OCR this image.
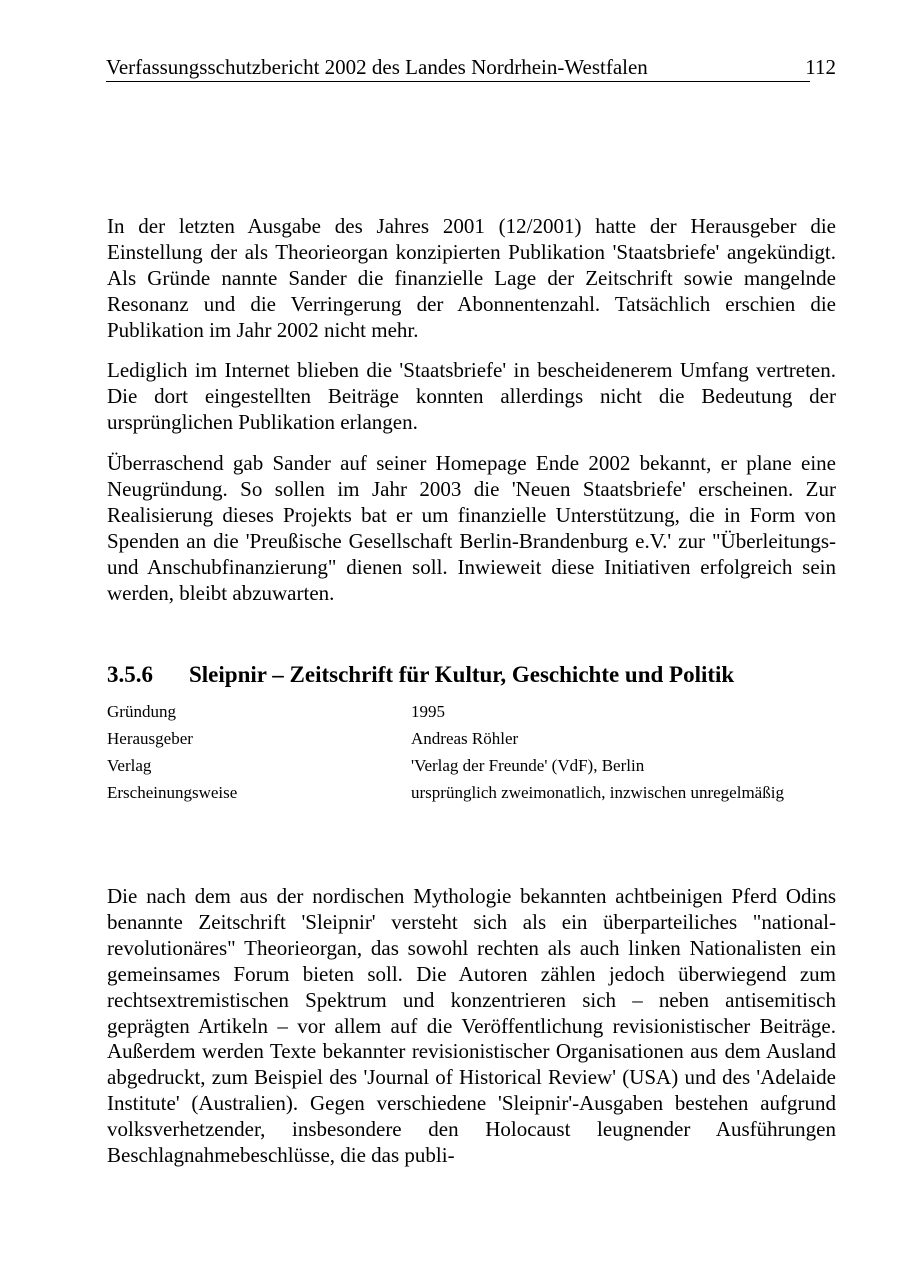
Verfassungsschutzbericht 2002 des Landes Nordrhein-Westfalen	112

In der letzten Ausgabe des Jahres 2001 (12/2001) hatte der Herausgeber die Einstellung der als Theorieorgan konzipierten Publikation 'Staatsbriefe' angekündigt. Als Gründe nannte Sander die finanzielle Lage der Zeitschrift sowie mangelnde Resonanz und die Verringerung der Abonnentenzahl. Tatsächlich erschien die Publikation im Jahr 2002 nicht mehr.

Lediglich im Internet blieben die 'Staatsbriefe' in bescheidenerem Umfang vertreten. Die dort eingestellten Beiträge konnten allerdings nicht die Bedeutung der ursprünglichen Publikation erlangen.

Überraschend gab Sander auf seiner Homepage Ende 2002 bekannt, er plane eine Neugründung. So sollen im Jahr 2003 die 'Neuen Staatsbriefe' erscheinen. Zur Realisierung dieses Projekts bat er um finanzielle Unterstützung, die in Form von Spenden an die 'Preußische Gesellschaft Berlin-Brandenburg e.V.' zur "Überleitungs- und Anschubfinanzierung" dienen soll. Inwieweit diese Initiativen erfolgreich sein werden, bleibt abzuwarten.

3.5.6 Sleipnir – Zeitschrift für Kultur, Geschichte und Politik
Gründung	1995
Herausgeber	Andreas Röhler
Verlag	'Verlag der Freunde' (VdF), Berlin
Erscheinungsweise	ursprünglich zweimonatlich, inzwischen unregelmäßig

Die nach dem aus der nordischen Mythologie bekannten achtbeinigen Pferd Odins benannte Zeitschrift 'Sleipnir' versteht sich als ein überparteiliches "national-revolutionäres" Theorieorgan, das sowohl rechten als auch linken Nationalisten ein gemeinsames Forum bieten soll. Die Autoren zählen jedoch überwiegend zum rechtsextremistischen Spektrum und konzentrieren sich – neben antisemitisch geprägten Artikeln – vor allem auf die Veröffentlichung revisionistischer Beiträge. Außerdem werden Texte bekannter revisionistischer Organisationen aus dem Ausland abgedruckt, zum Beispiel des 'Journal of Historical Review' (USA) und des 'Adelaide Institute' (Australien). Gegen verschiedene 'Sleipnir'-Ausgaben bestehen aufgrund volksverhetzender, insbesondere den Holocaust leugnender Ausführungen Beschlagnahmebeschlüsse, die das publi-
